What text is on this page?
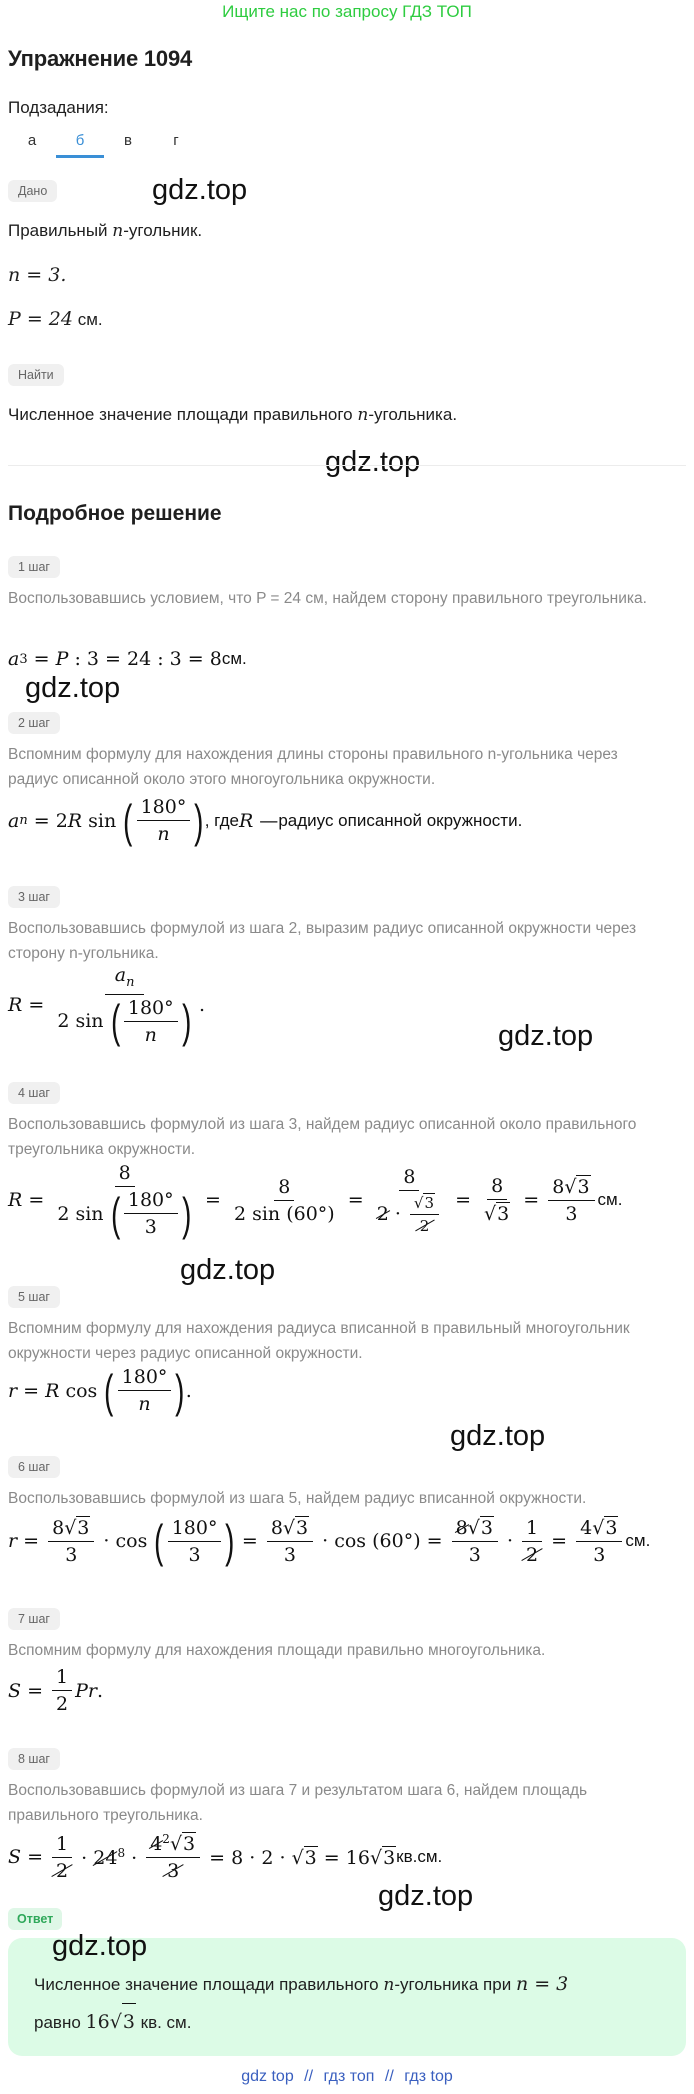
Ищите нас по запросу ГДЗ ТОП
Упражнение 1094
Подзадания:
а	б	в	г
Дано	gdz.top
Правильный n-угольник.
n = 3.
P = 24 см.
Найти
Численное значение площади правильного n-угольника.
gdz.top
Подробное решение
1 шаг
Воспользовавшись условием, что P = 24 см, найдем сторону правильного треугольника.
a 3 = P : 3 = 24 : 3 = 8 см.
gdz.top
2 шаг
Вспомним формулу для нахождения длины стороны правильного n-угольника через радиус описанной около этого многоугольника окружности.
a n = 2 R sin ( $\frac{180^\circ}{n}$ ) , где R — радиус описанной окружности.
3 шаг
Воспользовавшись формулой из шага 2, выразим радиус описанной окружности через сторону n-угольника.
$R = \frac{a_n}{2 \sin ( \frac{180^\circ}{n} )}$ .
gdz.top
4 шаг
Воспользовавшись формулой из шага 3, найдем радиус описанной около правильного треугольника окружности.
$R = \frac{8}{2 \sin ( \frac{180^\circ}{3} )} = \frac{8}{2 \sin (60^\circ)} = \frac{8}{2 \cdot \frac{√ 3}{2}} = \frac{8}{√ 3} = \frac{8√ 3}{3}$ см.
gdz.top
5 шаг
Вспомним формулу для нахождения радиуса вписанной в правильный многоугольник окружности через радиус описанной окружности.
r = R cos ( $\frac{180^\circ}{n}$ ) .
gdz.top
6 шаг
Воспользовавшись формулой из шага 5, найдем радиус вписанной окружности.
$r = \frac{8√ 3}{3} \cdot \cos$ ( $\frac{180^\circ}{3}$ ) = $\frac{8√ 3}{3} \cdot \cos (60^\circ) = \frac{8√ 3}{3} \cdot \frac{1}{2} = \frac{4√ 3}{3}$ см.
7 шаг
Вспомним формулу для нахождения площади правильно многоугольника.
$S = \frac{1}{2}$ Pr .
8 шаг
Воспользовавшись формулой из шага 7 и результатом шага 6, найдем площадь правильного треугольника.
$S = \frac{1}{2} \cdot 24^8 \cdot \frac{4^2√ 3}{3} = 8 \cdot 2$ · √ 3 = 16√ 3 кв.см.
gdz.top
Ответ
Численное значение площади правильного n-угольника при n = 3
равно 16√ 3 кв. см.
gdz.top
gdz top // гдз топ // гдз top
